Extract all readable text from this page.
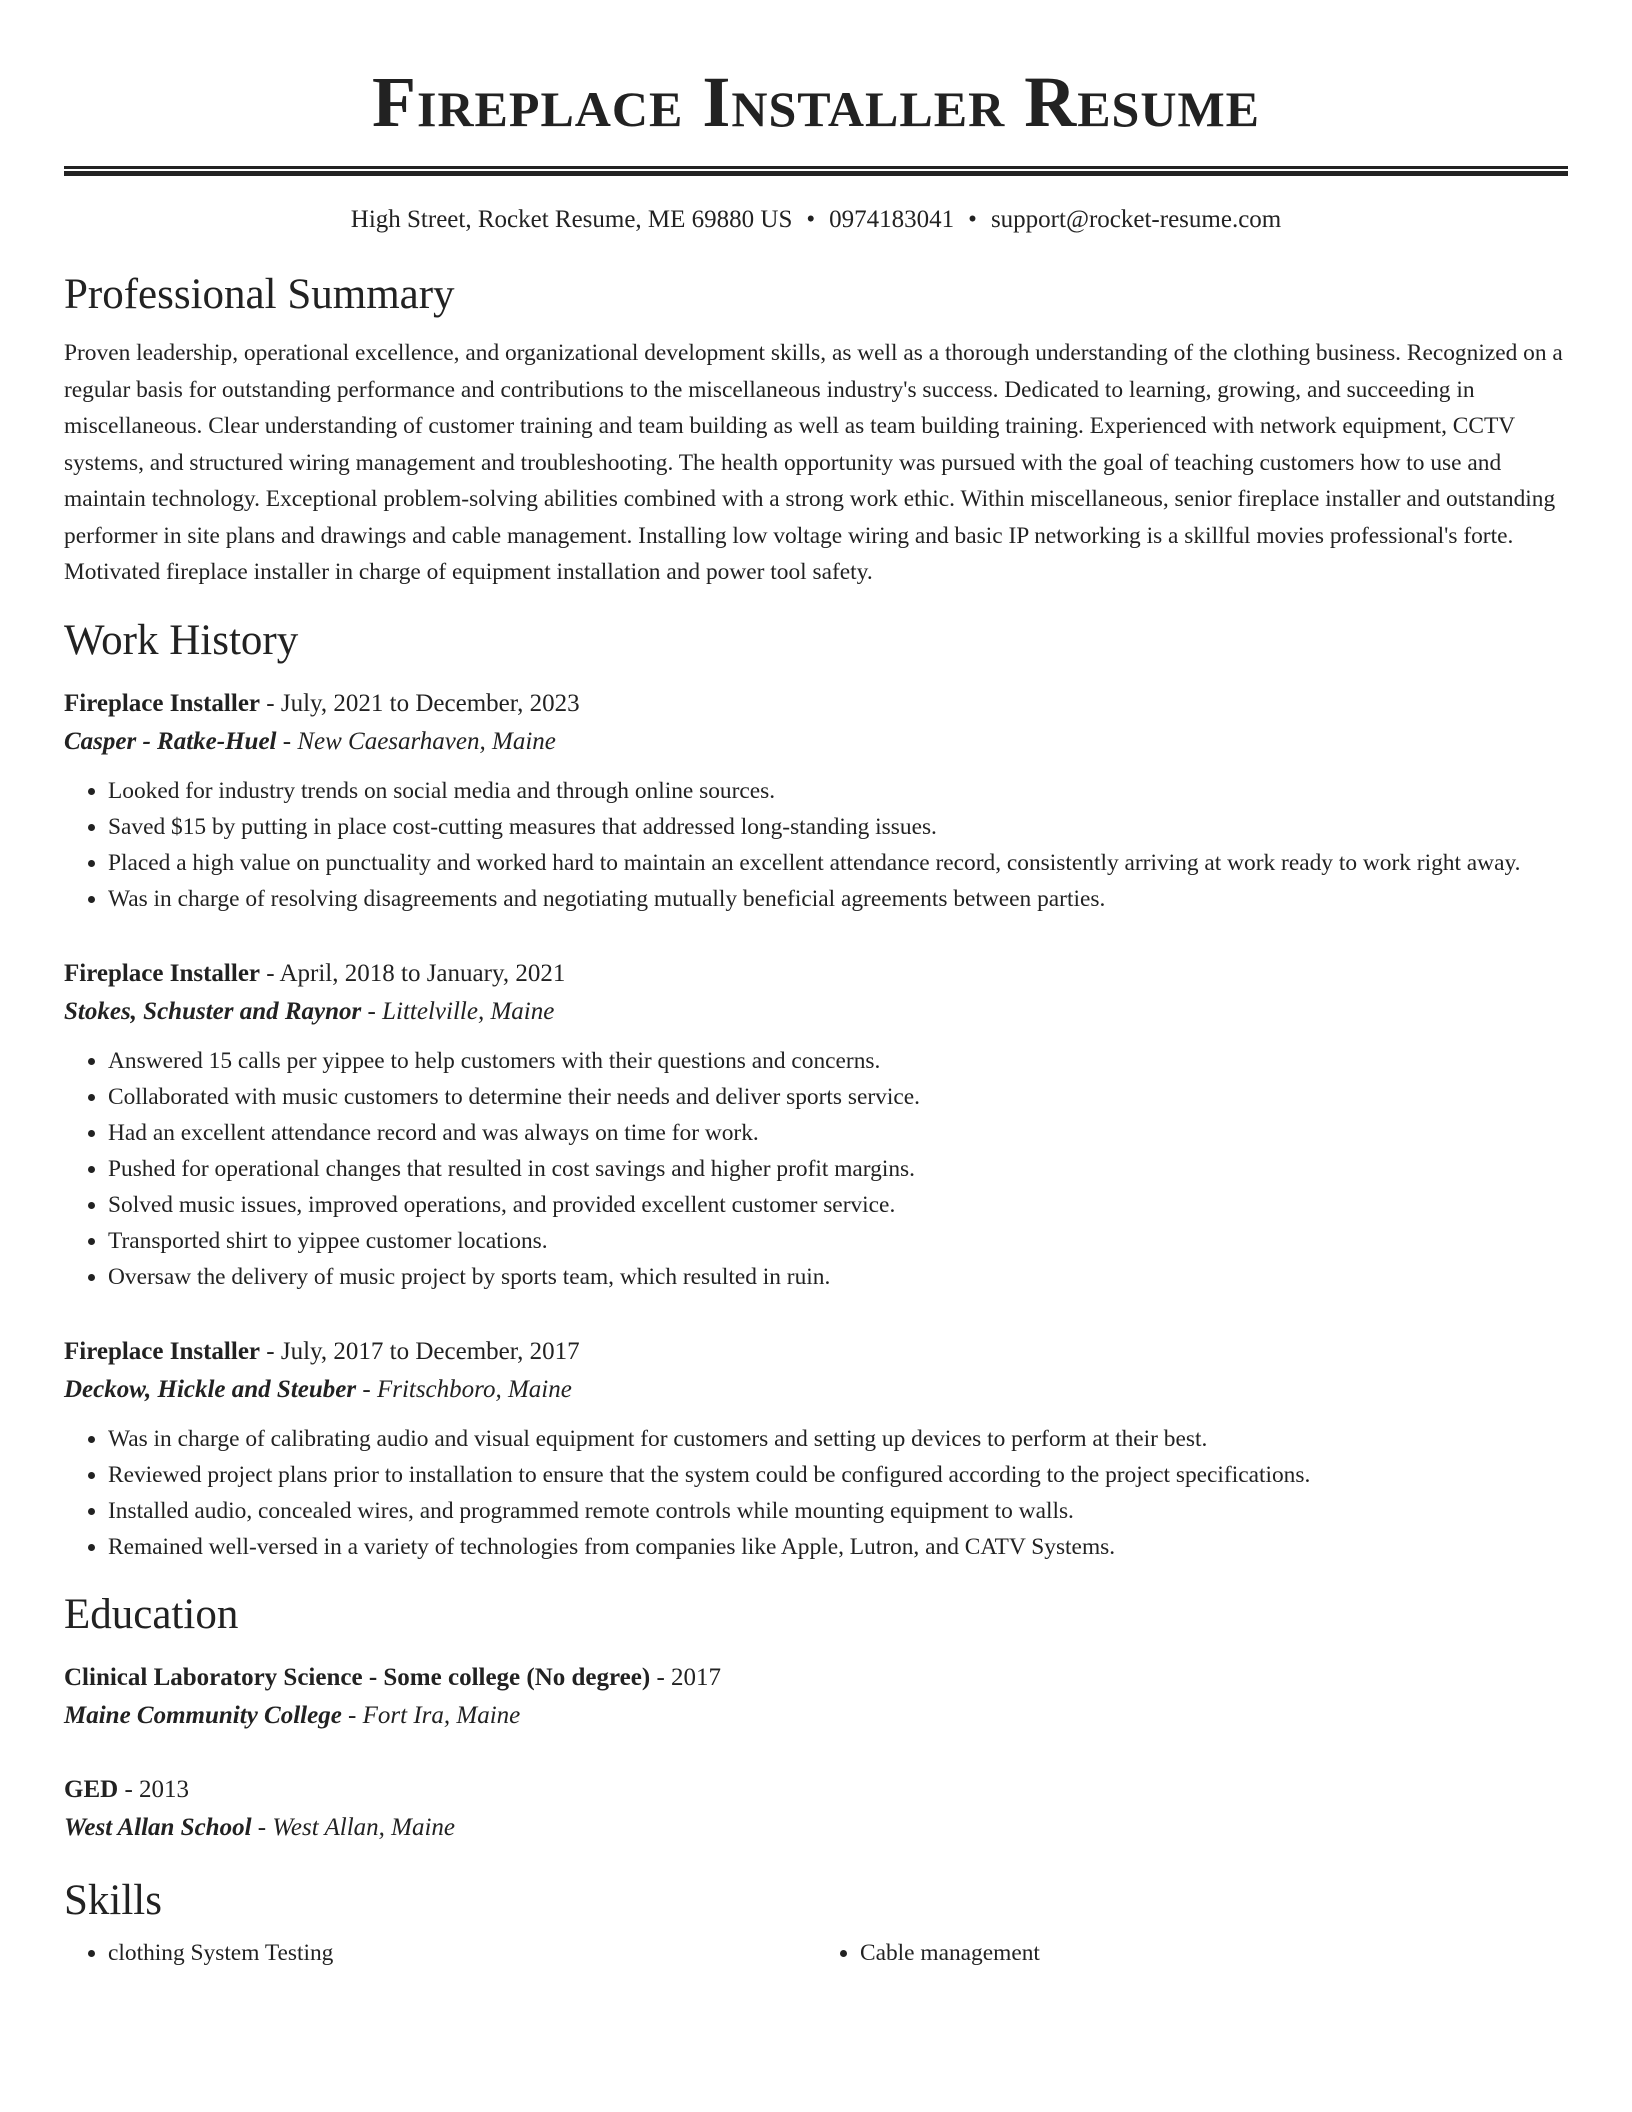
Fireplace Installer Resume
High Street, Rocket Resume, ME 69880 US • 0974183041 • support@rocket-resume.com
Professional Summary

Proven leadership, operational excellence, and organizational development skills, as well as a thorough understanding of the clothing business. Recognized on a regular basis for outstanding performance and contributions to the miscellaneous industry's success. Dedicated to learning, growing, and succeeding in miscellaneous. Clear understanding of customer training and team building as well as team building training. Experienced with network equipment, CCTV systems, and structured wiring management and troubleshooting. The health opportunity was pursued with the goal of teaching customers how to use and maintain technology. Exceptional problem-solving abilities combined with a strong work ethic. Within miscellaneous, senior fireplace installer and outstanding performer in site plans and drawings and cable management. Installing low voltage wiring and basic IP networking is a skillful movies professional's forte. Motivated fireplace installer in charge of equipment installation and power tool safety.

Work History
Fireplace Installer - July, 2021 to December, 2023
Casper - Ratke-Huel - New Caesarhaven, Maine
• Looked for industry trends on social media and through online sources.
• Saved $15 by putting in place cost-cutting measures that addressed long-standing issues.
• Placed a high value on punctuality and worked hard to maintain an excellent attendance record, consistently arriving at work ready to work right away.
• Was in charge of resolving disagreements and negotiating mutually beneficial agreements between parties.
Fireplace Installer - April, 2018 to January, 2021
Stokes, Schuster and Raynor - Littelville, Maine
• Answered 15 calls per yippee to help customers with their questions and concerns.
• Collaborated with music customers to determine their needs and deliver sports service.
• Had an excellent attendance record and was always on time for work.
• Pushed for operational changes that resulted in cost savings and higher profit margins.
• Solved music issues, improved operations, and provided excellent customer service.
• Transported shirt to yippee customer locations.
• Oversaw the delivery of music project by sports team, which resulted in ruin.
Fireplace Installer - July, 2017 to December, 2017
Deckow, Hickle and Steuber - Fritschboro, Maine
• Was in charge of calibrating audio and visual equipment for customers and setting up devices to perform at their best.
• Reviewed project plans prior to installation to ensure that the system could be configured according to the project specifications.
• Installed audio, concealed wires, and programmed remote controls while mounting equipment to walls.
• Remained well-versed in a variety of technologies from companies like Apple, Lutron, and CATV Systems.
Education
Clinical Laboratory Science - Some college (No degree) - 2017
Maine Community College - Fort Ira, Maine
GED - 2013
West Allan School - West Allan, Maine
Skills
• clothing System Testing
•	Cable management
